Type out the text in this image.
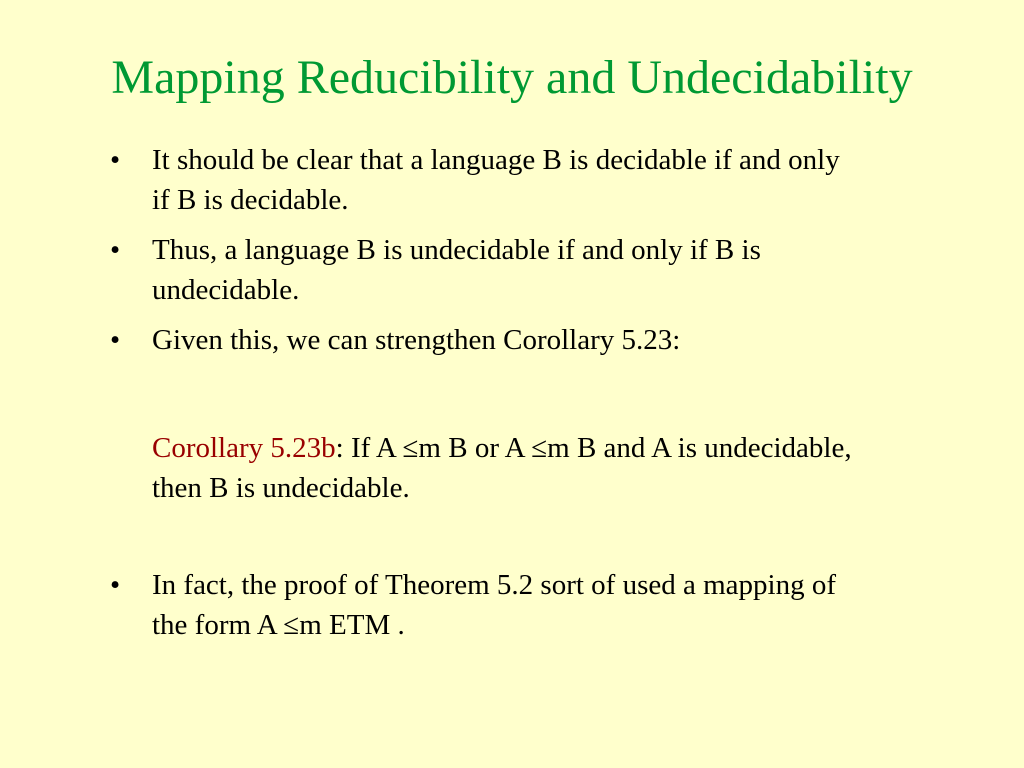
Mapping Reducibility and Undecidability
• It should be clear that a language B is decidable if and only
if B is decidable.
• Thus, a language B is undecidable if and only if B is
undecidable.
• Given this, we can strengthen Corollary 5.23:
Corollary 5.23b: If A ≤m B or A ≤m B and A is undecidable,
then B is undecidable.
• In fact, the proof of Theorem 5.2 sort of used a mapping of
the form A ≤m ETM .
